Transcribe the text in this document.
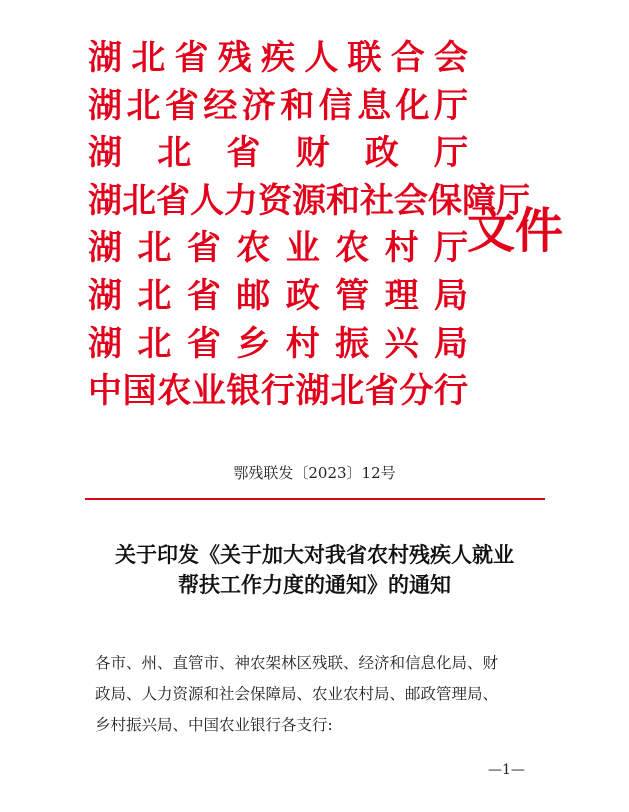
湖北省残疾人联合会
湖北省经济和信息化厅
湖北省财政厅
湖北省人力资源和社会保障厅
湖北省农业农村厅
湖北省邮政管理局
湖北省乡村振兴局
中国农业银行湖北省分行
文件
鄂残联发〔2023〕12号
关于印发《关于加大对我省农村残疾人就业
帮扶工作力度的通知》的通知
各市、州、直管市、神农架林区残联、经济和信息化局、财
政局、人力资源和社会保障局、农业农村局、邮政管理局、
乡村振兴局、中国农业银行各支行:
—1—
